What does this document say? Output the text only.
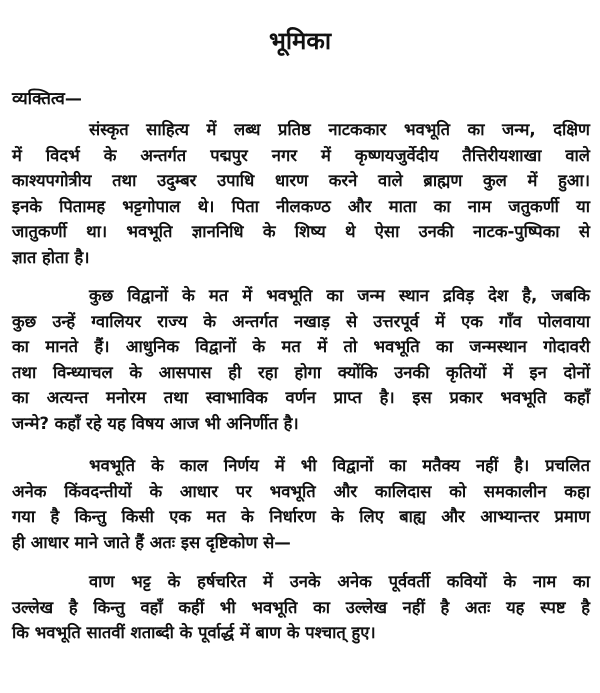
भूमिका
व्यक्तित्व—
संस्कृत साहित्य में लब्ध प्रतिष्ठ नाटककार भवभूति का जन्म, दक्षिण
में विदर्भ के अन्तर्गत पद्मपुर नगर में कृष्णयजुर्वेदीय तैत्तिरीयशाखा वाले
काश्यपगोत्रीय तथा उदुम्बर उपाधि धारण करने वाले ब्राह्मण कुल में हुआ।
इनके पितामह भट्टगोपाल थे। पिता नीलकण्ठ और माता का नाम जतुकर्णी या
जातुकर्णी था। भवभूति ज्ञाननिधि के शिष्य थे ऐसा उनकी नाटक-पुष्पिका से
ज्ञात होता है।
कुछ विद्वानों के मत में भवभूति का जन्म स्थान द्रविड़ देश है, जबकि
कुछ उन्हें ग्वालियर राज्य के अन्तर्गत नखाड़ से उत्तरपूर्व में एक गाँव पोलवाया
का मानते हैं। आधुनिक विद्वानों के मत में तो भवभूति का जन्मस्थान गोदावरी
तथा विन्ध्याचल के आसपास ही रहा होगा क्योंकि उनकी कृतियों में इन दोनों
का अत्यन्त मनोरम तथा स्वाभाविक वर्णन प्राप्त है। इस प्रकार भवभूति कहाँ
जन्मे? कहाँ रहे यह विषय आज भी अनिर्णीत है।
भवभूति के काल निर्णय में भी विद्वानों का मतैक्य नहीं है। प्रचलित
अनेक किंवदन्तीयों के आधार पर भवभूति और कालिदास को समकालीन कहा
गया है किन्तु किसी एक मत के निर्धारण के लिए बाह्य और आभ्यान्तर प्रमाण
ही आधार माने जाते हैं अतः इस दृष्टिकोण से—
वाण भट्ट के हर्षचरित में उनके अनेक पूर्ववर्ती कवियों के नाम का
उल्लेख है किन्तु वहाँ कहीं भी भवभूति का उल्लेख नहीं है अतः यह स्पष्ट है
कि भवभूति सातवीं शताब्दी के पूर्वार्द्ध में बाण के पश्चात् हुए।
